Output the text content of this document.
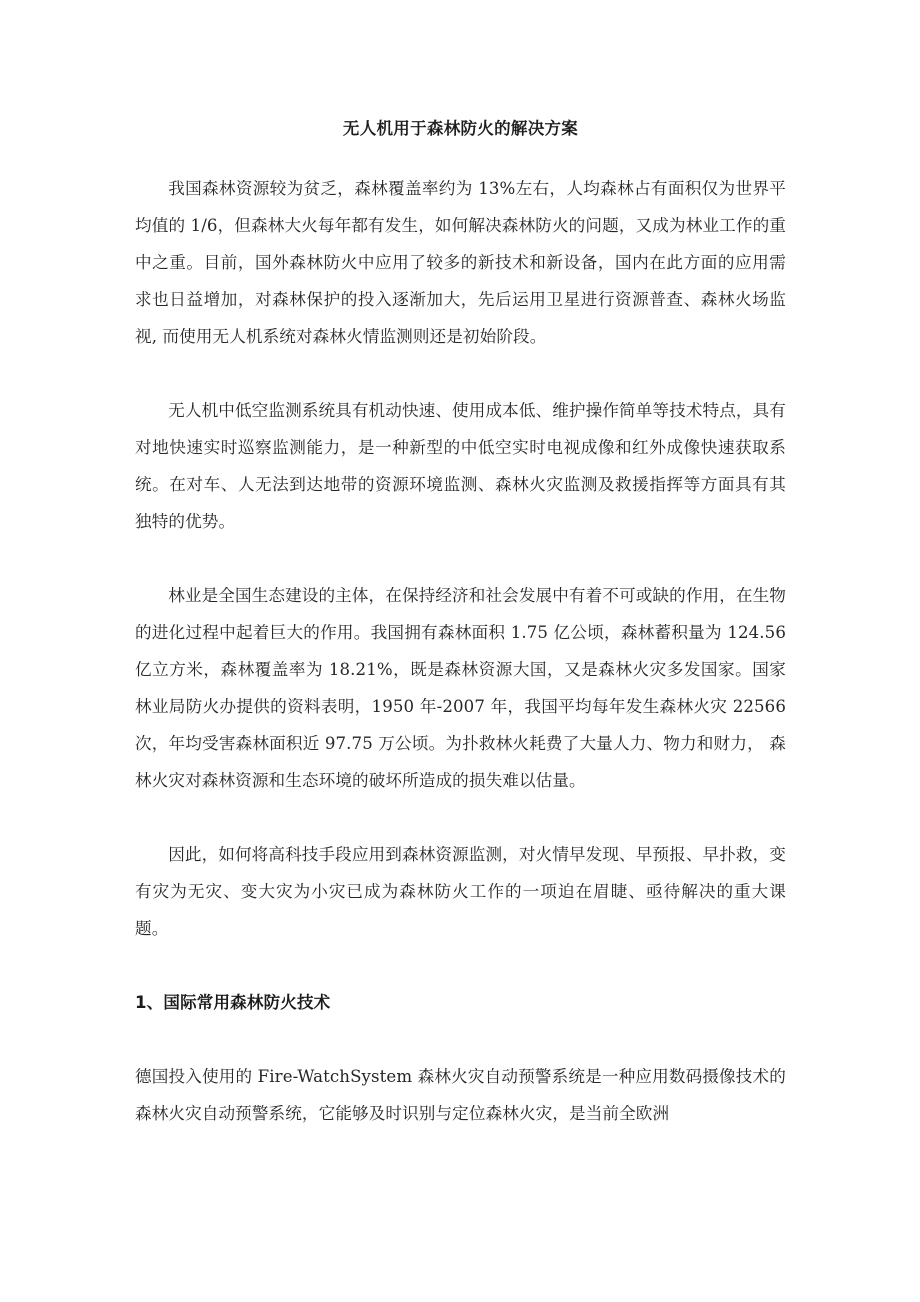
无人机用于森林防火的解决方案

我国森林资源较为贫乏，森林覆盖率约为 13%左右，人均森林占有面积仅为世界平均值的 1/6，但森林大火每年都有发生，如何解决森林防火的问题，又成为林业工作的重中之重。目前，国外森林防火中应用了较多的新技术和新设备，国内在此方面的应用需求也日益增加，对森林保护的投入逐渐加大，先后运用卫星进行资源普查、森林火场监视, 而使用无人机系统对森林火情监测则还是初始阶段。

无人机中低空监测系统具有机动快速、使用成本低、维护操作简单等技术特点，具有对地快速实时巡察监测能力，是一种新型的中低空实时电视成像和红外成像快速获取系统。在对车、人无法到达地带的资源环境监测、森林火灾监测及救援指挥等方面具有其独特的优势。

林业是全国生态建设的主体，在保持经济和社会发展中有着不可或缺的作用，在生物的进化过程中起着巨大的作用。我国拥有森林面积 1.75 亿公顷，森林蓄积量为 124.56 亿立方米，森林覆盖率为 18.21%，既是森林资源大国，又是森林火灾多发国家。国家林业局防火办提供的资料表明，1950 年-2007 年，我国平均每年发生森林火灾 22566 次，年均受害森林面积近 97.75 万公顷。为扑救林火耗费了大量人力、物力和财力， 森林火灾对森林资源和生态环境的破坏所造成的损失难以估量。

因此，如何将高科技手段应用到森林资源监测，对火情早发现、早预报、早扑救，变有灾为无灾、变大灾为小灾已成为森林防火工作的一项迫在眉睫、亟待解决的重大课题。

1、国际常用森林防火技术

德国投入使用的 Fire-WatchSystem 森林火灾自动预警系统是一种应用数码摄像技术的森林火灾自动预警系统，它能够及时识别与定位森林火灾，是当前全欧洲
